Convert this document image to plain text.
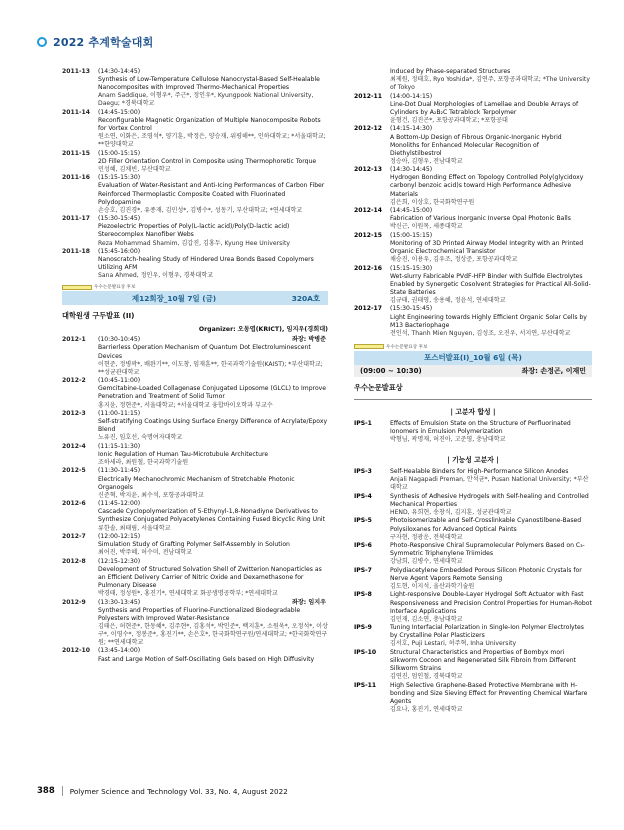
2022 추계학술대회
2011-13	(14:30-14:45)
Synthesis of Low-Temperature Cellulose Nanocrystal-Based Self-Healable Nanocomposites with Improved Thermo-Mechanical Properties
Anam Saddique, 이형우*, 주근*, 정인우*, Kyungpook National University, Daegu; *경북대학교
2011-14	(14:45-15:00)
Reconfigurable Magnetic Organization of Multiple Nanocomposite Robots for Vortex Control
원소연, 이화은, 조영석*, 양기훈, 박정은, 양승재, 위평해**, 인하대학교; *서울대학교; **한양대학교
2011-15	(15:00-15:15)
2D Filler Orientation Control in Composite using Thermophoretic Torque
민성혜, 김채빈, 부산대학교
2011-16	(15:15-15:30)
Evaluation of Water-Resistant and Anti-Icing Performances of Carbon Fiber Reinforced Thermoplastic Composite Coated with Fluorinated Polydopamine
손승호, 김진경*, 유종재, 김민성*, 김병수*, 성동기, 부산대학교; *연세대학교
2011-17	(15:30-15:45)
Piezoelectric Properties of Poly(L-lactic acid)/Poly(D-lactic acid) Stereocomplex Nanofiber Webs
Reza Mohammad Shamim, 김갑진, 김홍두, Kyung Hee University
2011-18	(15:45-16:00)
Nanoscratch-healing Study of Hindered Urea Bonds Based Copolymers Utilizing AFM
Sana Ahmed, 정인우, 이형우, 경북대학교
우수논문발표상 후보
제12회장_10월 7일 (금)	320A호
대학원생 구두발표 (II)
Organizer: 오동엽(KRICT), 임지우(경희대)
2012-1	(10:30-10:45)	좌장: 박병준
Barrierless Operation Mechanism of Quantum Dot Electroluminescent Devices
이현준, 정병곽*, 배완기**, 이도창, 임재훈**, 한국과학기술원(KAIST); *부산대학교; **성균관대학교
2012-2	(10:45-11:00)
Gemcitabine-Loaded Collagenase Conjugated Liposome (GLCL) to Improve Penetration and Treatment of Solid Tumor
홍지윤, 정현준*, 서울대학교; *서울대학교 융합바이오학과 부교수
2012-3	(11:00-11:15)
Self-stratifying Coatings Using Surface Energy Difference of Acrylate/Epoxy Blend
노유진, 임호선, 숙명여자대학교
2012-4	(11:15-11:30)
Ionic Regulation of Human Tau-Microtubule Architecture
조하세라, 최원철, 한국과학기술원
2012-5	(11:30-11:45)
Electrically Mechanochromic Mechanism of Stretchable Photonic Organogels
신준혁, 박지윤, 최수석, 포항공과대학교
2012-6	(11:45-12:00)
Cascade Cyclopolymerization of 5-Ethynyl-1,8-Nonadiyne Derivatives to Synthesize Conjugated Polyacetylenes Containing Fused Bicyclic Ring Unit
류한솔, 최태림, 서울대학교
2012-7	(12:00-12:15)
Simulation Study of Grafting Polymer Self-Assembly in Solution
최어진, 박주혜, 허수미, 전남대학교
2012-8	(12:15-12:30)
Development of Structured Solvation Shell of Zwitterion Nanoparticles as an Efficient Delivery Carrier of Nitric Oxide and Dexamethasone for Pulmonary Disease
박경태, 정성원*, 홍진기*, 연세대학교 화공생명공학부; *연세대학교
2012-9	(13:30-13:45)	좌장: 임지우
Synthesis and Properties of Fluorine-Functionalized Biodegradable Polyesters with Improved Water-Resistance
김태은, 허현준*, 한동혜*, 김주현*, 김홍석*, 박인준*, 백지훈*, 소원욱*, 오정석*, 이상구*, 이영수*, 정봉준*, 홍진기**, 손은호*, 한국화학연구원/연세대학교; *한국화학연구원; **연세대학교
2012-10	(13:45-14:00)
Fast and Large Motion of Self-Oscillating Gels based on High Diffusivity
Induced by Phase-separated Structures
최제원, 정태호, Ryo Yoshida*, 김연주, 포항공과대학교; *The University of Tokyo
2012-11	(14:00-14:15)
Line-Dot Dual Morphologies of Lamellae and Double Arrays of Cylinders by A₂B₂C Tetrablock Terpolymer
윤형건, 김진곤*, 포항공과대학교; *포항공대
2012-12	(14:15-14:30)
A Bottom-Up Design of Fibrous Organic-Inorganic Hybrid Monoliths for Enhanced Molecular Recognition of Diethylstilbestrol
정승아, 김형우, 전남대학교
2012-13	(14:30-14:45)
Hydrogen Bonding Effect on Topology Controlled Poly(glycidoxy carbonyl benzoic acid)s toward High Performance Adhesive Materials
김은희, 이상호, 한국화학연구원
2012-14	(14:45-15:00)
Fabrication of Various Inorganic Inverse Opal Photonic Balls
박신근, 이원목, 세종대학교
2012-15	(15:00-15:15)
Monitoring of 3D Printed Airway Model Integrity with an Printed Organic Electrochemical Transistor
채승진, 이용우, 김우조, 정상준, 포항공과대학교
2012-16	(15:15-15:30)
Wet-slurry Fabricable PVdF-HFP Binder with Sulfide Electrolytes Enabled by Synergetic Cosolvent Strategies for Practical All-Solid-State Batteries
김규태, 권태영, 송용혜, 정윤석, 연세대학교
2012-17	(15:30-15:45)
Light Engineering towards Highly Efficient Organic Solar Cells by M13 Bacteriophage
전인석, Thanh Mien Nguyen, 김성조, 오진우, 서지연, 부산대학교
우수논문발표상 후보
포스터발표(I)_10월 6일 (목)
(09:00 ~ 10:30)	좌장: 손정곤, 이재민
우수논문발표상
| 고분자 합성 |
IPS-1	Effects of Emulsion State on the Structure of Perfluorinated Ionomers in Emulsion Polymerization
박형님, 곽명재, 허진아, 고준영, 충남대학교
| 기능성 고분자 |
IPS-3	Self-Healable Binders for High-Performance Silicon Anodes
Anjali Nagapadi Preman, 안석균*, Pusan National University; *부산대학교
IPS-4	Synthesis of Adhesive Hydrogels with Self-healing and Controlled Mechanical Properties
HEND, 유희현, 송창식, 김지훈, 성균관대학교
IPS-5	Photoisomerizable and Self-Crosslinkable Cyanostilbene-Based Polysiloxanes for Advanced Optical Paints
구자현, 정광운, 전북대학교
IPS-6	Photo-Responsive Chiral Supramolecular Polymers Based on C₃-Symmetric Triphenylene Triimides
강남희, 김병수, 연세대학교
IPS-7	Polydiacetylene Embedded Porous Silicon Photonic Crystals for Nerve Agent Vapors Remote Sensing
김도현, 이지석, 울산과학기술원
IPS-8	Light-responsive Double-Layer Hydrogel Soft Actuator with Fast Responsiveness and Precision Control Properties for Human-Robot Interface Applications
김민재, 김소연, 충남대학교
IPS-9	Tuning Interfacial Polarization in Single-Ion Polymer Electrolytes by Crystalline Polar Plasticizers
김서호, Puji Lestari, 허주혁, Inha University
IPS-10	Structural Characteristics and Properties of Bombyx mori silkworm Cocoon and Regenerated Silk Fibroin from Different Silkworm Strains
김연진, 엄인철, 경북대학교
IPS-11	High Selective Graphene-Based Protective Membrane with H-bonding and Size Sieving Effect for Preventing Chemical Warfare Agents
김요나, 홍진기, 연세대학교
388 Polymer Science and Technology Vol. 33, No. 4, August 2022
